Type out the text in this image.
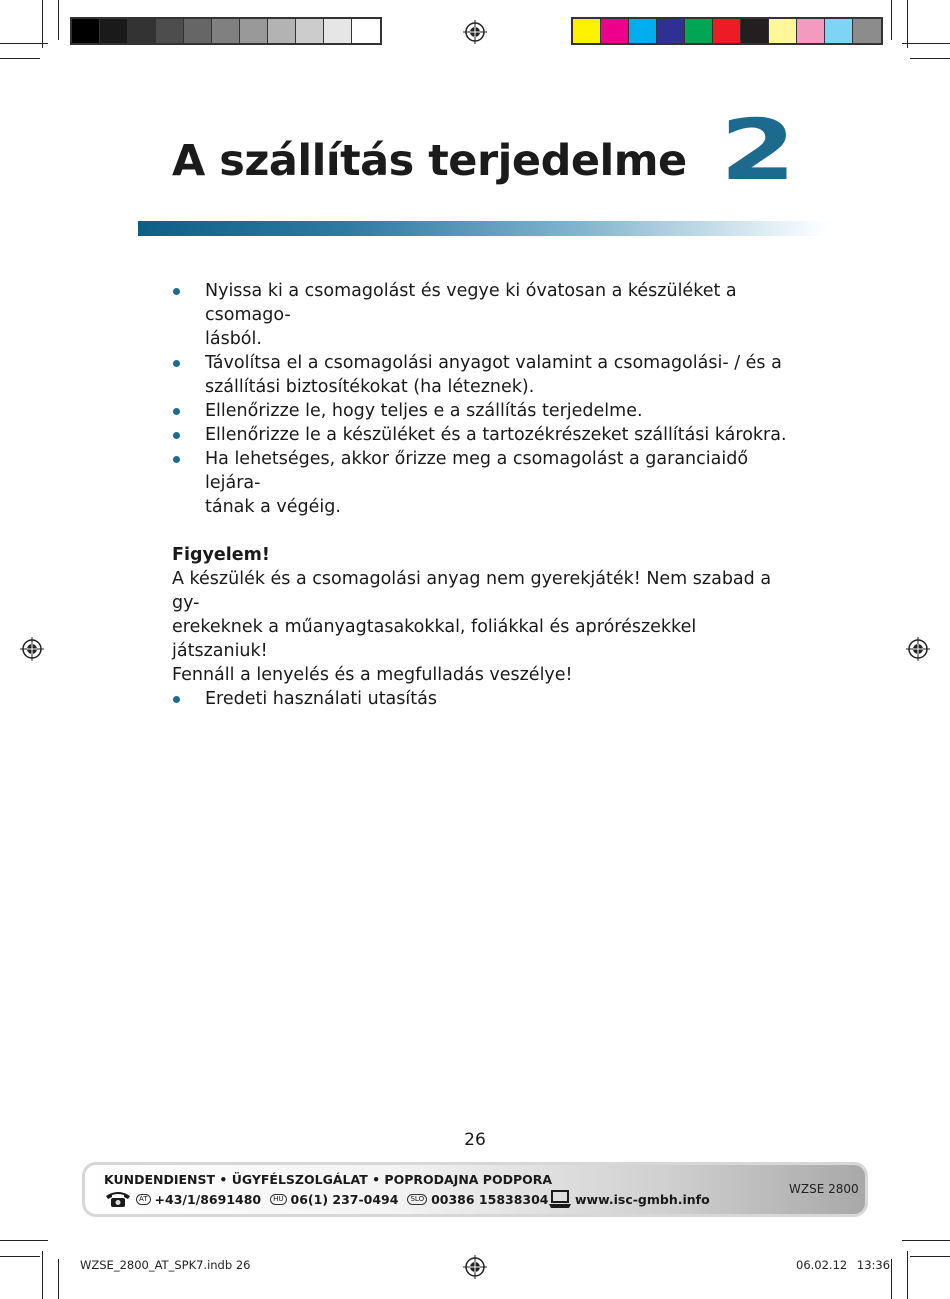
A szállítás terjedelme 2
Nyissa ki a csomagolást és vegye ki óvatosan a készüléket a csomago-
lásból.
Távolítsa el a csomagolási anyagot valamint a csomagolási- / és a
szállítási biztosítékokat (ha léteznek).
Ellenőrizze le, hogy teljes e a szállítás terjedelme.
Ellenőrizze le a készüléket és a tartozékrészeket szállítási károkra.
Ha lehetséges, akkor őrizze meg a csomagolást a garanciaidő lejára-
tának a végéig.
Figyelem!

A készülék és a csomagolási anyag nem gyerekjáték! Nem szabad a gy-
erekeknek a műanyagtasakokkal, foliákkal és aprórészekkel játszaniuk!
Fennáll a lenyelés és a megfulladás veszélye!

Eredeti használati utasítás
26
KUNDENDIENST • ÜGYFÉLSZOLGÁLAT • POPRODAJNA PODPORA
AT +43/1/8691480	HU 06(1) 237-0494	SLO 00386 15838304 www.isc-gmbh.info
WZSE 2800
WZSE_2800_AT_SPK7.indb 26	06.02.12 13:36
